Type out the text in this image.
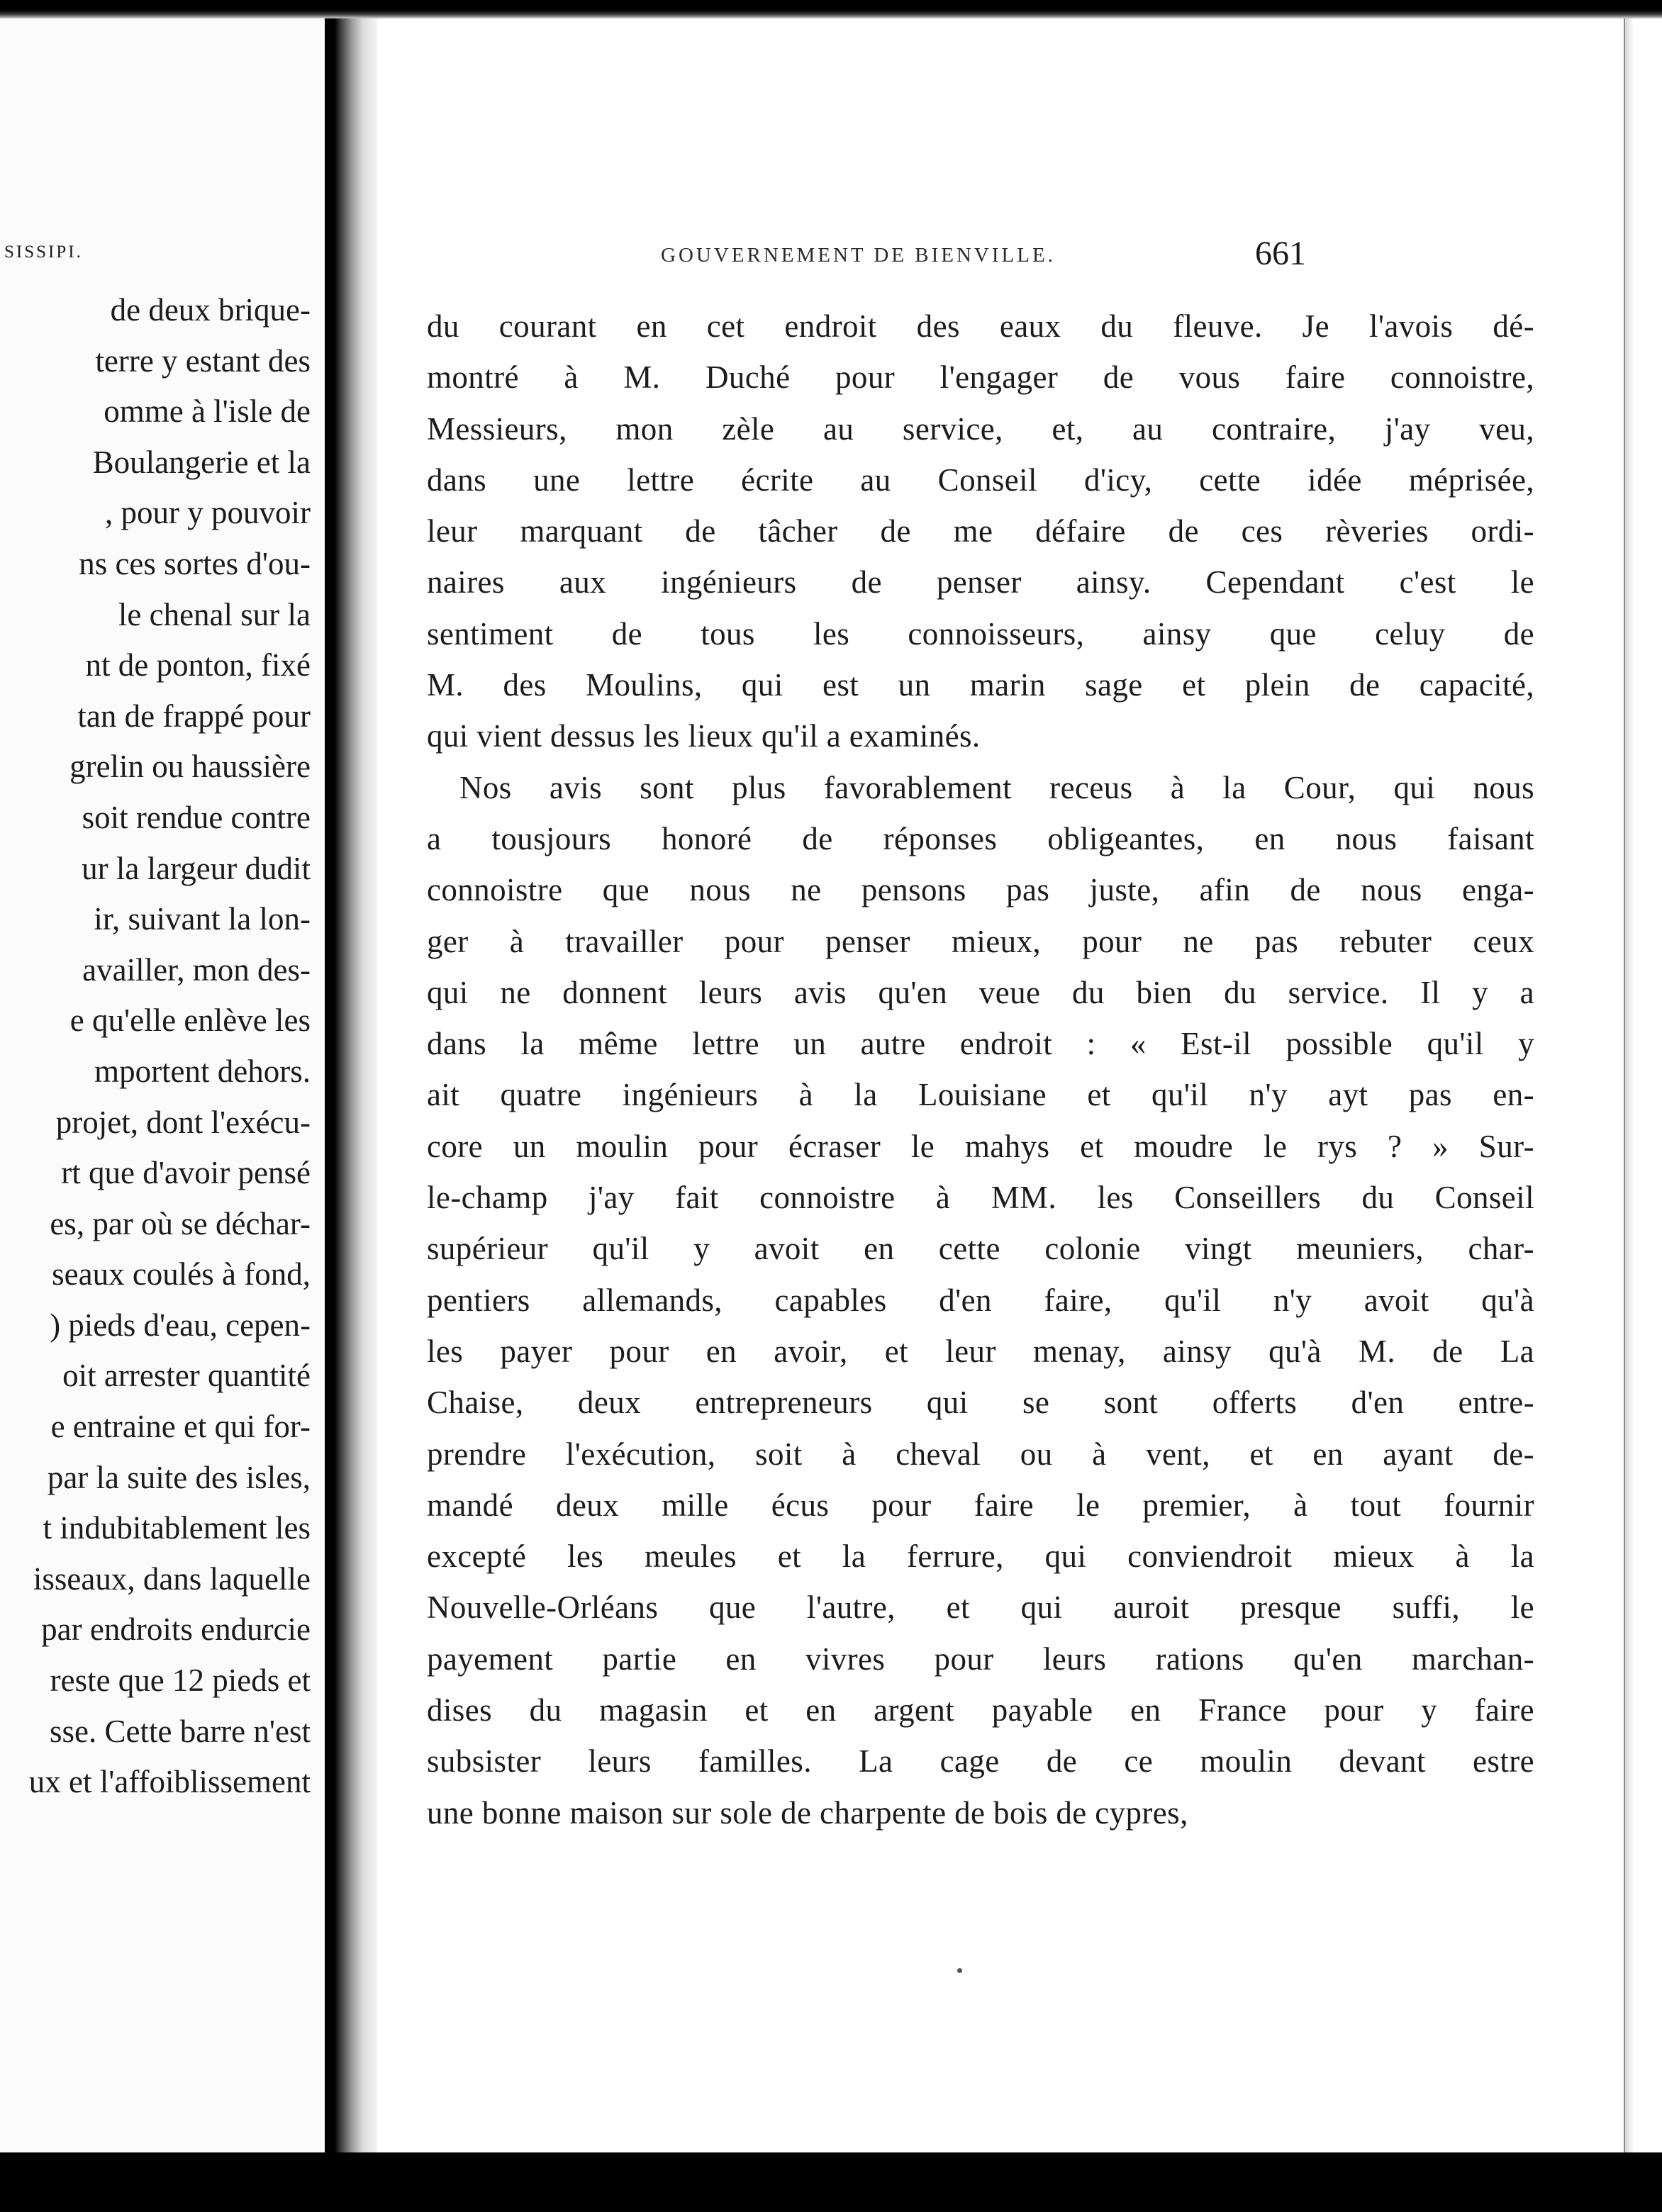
SISSIPI.
de deux brique-
terre y estant des
omme à l'isle de
Boulangerie et la
, pour y pouvoir
ns ces sortes d'ou-
le chenal sur la
nt de ponton, fixé
tan de frappé pour
grelin ou haussière
soit rendue contre
ur la largeur dudit
ir, suivant la lon-
availler, mon des-
e qu'elle enlève les
mportent dehors.
projet, dont l'exécu-
rt que d'avoir pensé
es, par où se déchar-
seaux coulés à fond,
) pieds d'eau, cepen-
oit arrester quantité
e entraine et qui for-
par la suite des isles,
t indubitablement les
isseaux, dans laquelle
par endroits endurcie
reste que 12 pieds et
sse. Cette barre n'est
ux et l'affoiblissement
GOUVERNEMENT DE BIENVILLE.	661
du courant en cet endroit des eaux du fleuve. Je l'avois dé-
montré à M. Duché pour l'engager de vous faire connoistre,
Messieurs, mon zèle au service, et, au contraire, j'ay veu,
dans une lettre écrite au Conseil d'icy, cette idée méprisée,
leur marquant de tâcher de me défaire de ces rèveries ordi-
naires aux ingénieurs de penser ainsy. Cependant c'est le
sentiment de tous les connoisseurs, ainsy que celuy de
M. des Moulins, qui est un marin sage et plein de capacité,
qui vient dessus les lieux qu'il a examinés.
Nos avis sont plus favorablement receus à la Cour, qui nous
a tousjours honoré de réponses obligeantes, en nous faisant
connoistre que nous ne pensons pas juste, afin de nous enga-
ger à travailler pour penser mieux, pour ne pas rebuter ceux
qui ne donnent leurs avis qu'en veue du bien du service. Il y a
dans la même lettre un autre endroit : « Est-il possible qu'il y
ait quatre ingénieurs à la Louisiane et qu'il n'y ayt pas en-
core un moulin pour écraser le mahys et moudre le rys ? » Sur-
le-champ j'ay fait connoistre à MM. les Conseillers du Conseil
supérieur qu'il y avoit en cette colonie vingt meuniers, char-
pentiers allemands, capables d'en faire, qu'il n'y avoit qu'à
les payer pour en avoir, et leur menay, ainsy qu'à M. de La
Chaise, deux entrepreneurs qui se sont offerts d'en entre-
prendre l'exécution, soit à cheval ou à vent, et en ayant de-
mandé deux mille écus pour faire le premier, à tout fournir
excepté les meules et la ferrure, qui conviendroit mieux à la
Nouvelle-Orléans que l'autre, et qui auroit presque suffi, le
payement partie en vivres pour leurs rations qu'en marchan-
dises du magasin et en argent payable en France pour y faire
subsister leurs familles. La cage de ce moulin devant estre
une bonne maison sur sole de charpente de bois de cypres,
